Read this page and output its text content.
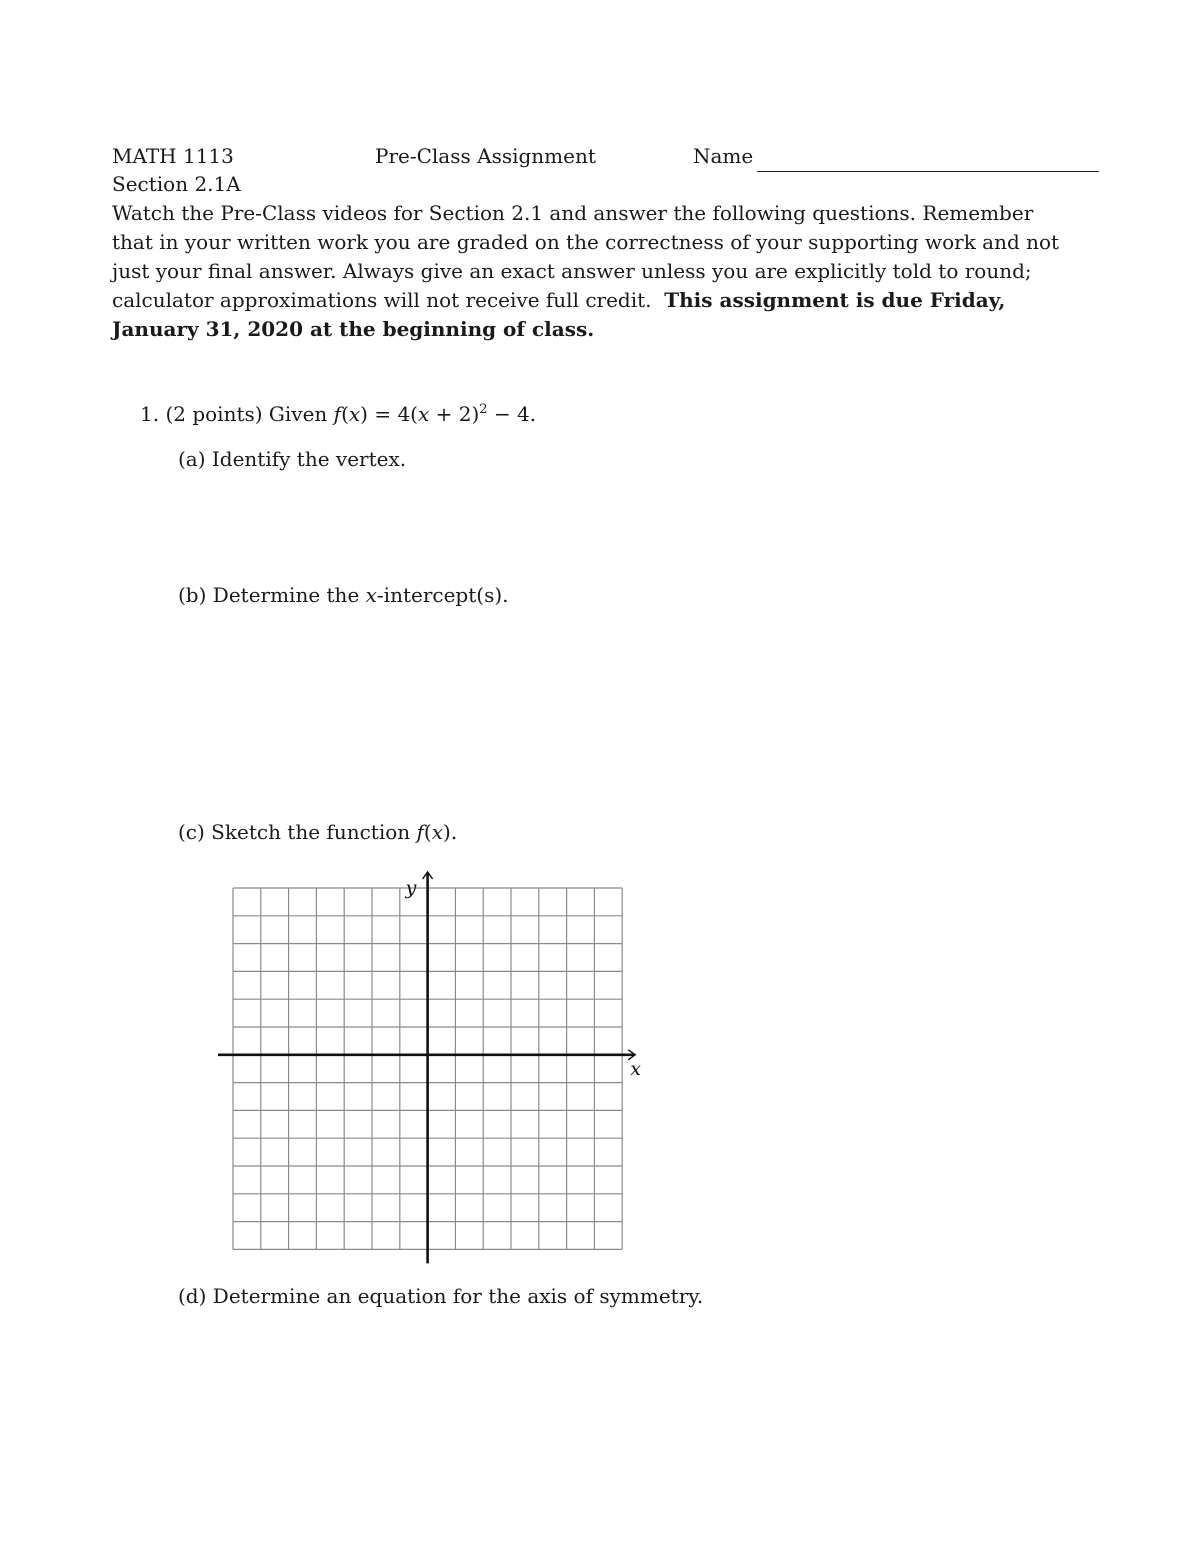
MATH 1113	Pre-Class Assignment	Name
Section 2.1A
Watch the Pre-Class videos for Section 2.1 and answer the following questions. Remember
that in your written work you are graded on the correctness of your supporting work and not
just your final answer. Always give an exact answer unless you are explicitly told to round;
calculator approximations will not receive full credit. This assignment is due Friday,
January 31, 2020 at the beginning of class.
1. (2 points) Given $f(x) = 4(x + 2)^2 - 4$.
(a) Identify the vertex.
(b) Determine the x-intercept(s).
(c) Sketch the function f(x).
x
y
(d) Determine an equation for the axis of symmetry.
